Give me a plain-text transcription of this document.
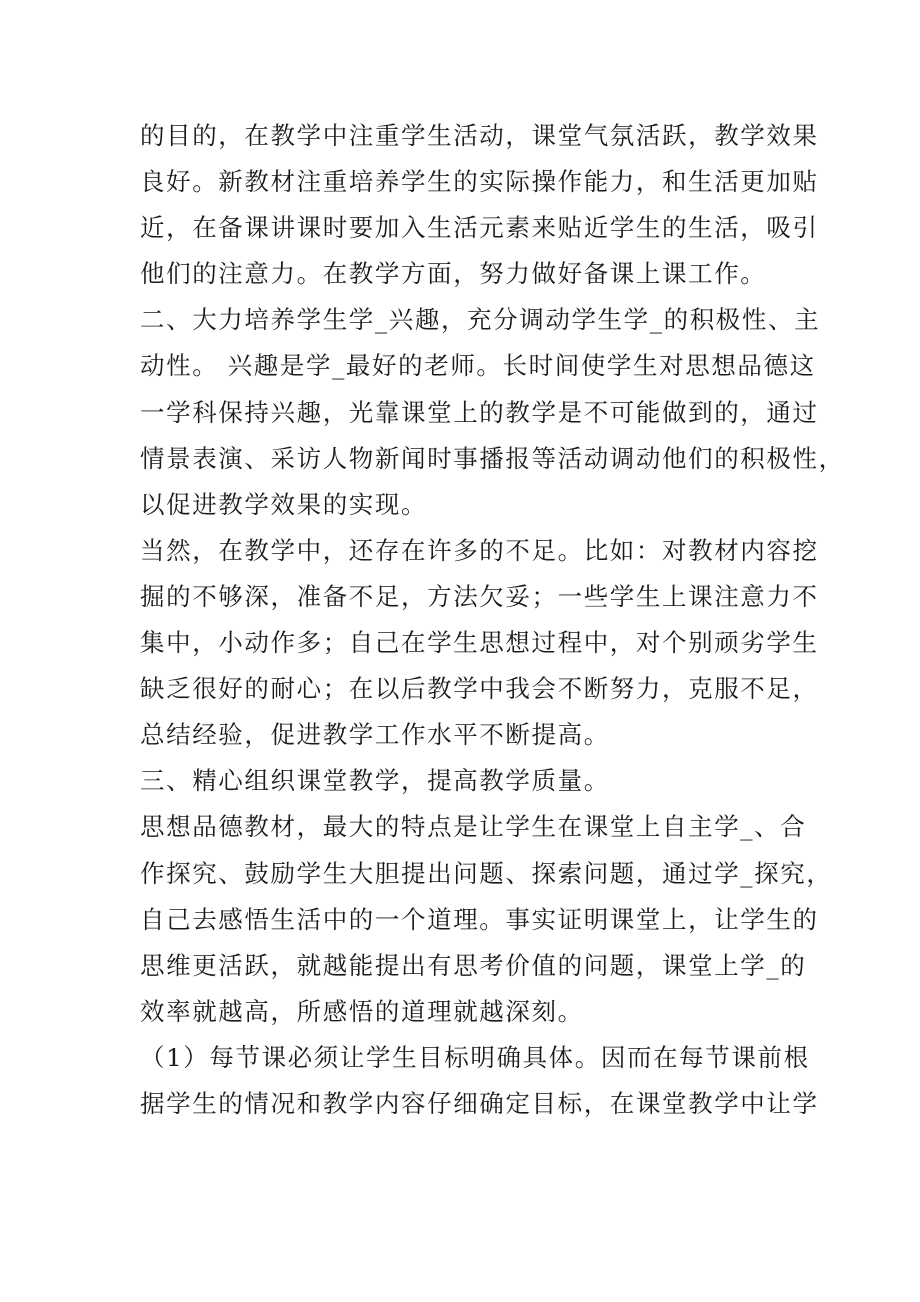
的目的，在教学中注重学生活动，课堂气氛活跃，教学效果
良好。新教材注重培养学生的实际操作能力，和生活更加贴
近，在备课讲课时要加入生活元素来贴近学生的生活，吸引
他们的注意力。在教学方面，努力做好备课上课工作。
二、大力培养学生学_兴趣，充分调动学生学_的积极性、主
动性。 兴趣是学_最好的老师。长时间使学生对思想品德这
一学科保持兴趣，光靠课堂上的教学是不可能做到的，通过
情景表演、采访人物新闻时事播报等活动调动他们的积极性，
以促进教学效果的实现。
当然，在教学中，还存在许多的不足。比如：对教材内容挖
掘的不够深，准备不足，方法欠妥；一些学生上课注意力不
集中，小动作多；自己在学生思想过程中，对个别顽劣学生
缺乏很好的耐心；在以后教学中我会不断努力，克服不足，
总结经验，促进教学工作水平不断提高。
三、精心组织课堂教学，提高教学质量。
思想品德教材，最大的特点是让学生在课堂上自主学_、合
作探究、鼓励学生大胆提出问题、探索问题，通过学_探究，
自己去感悟生活中的一个道理。事实证明课堂上，让学生的
思维更活跃，就越能提出有思考价值的问题，课堂上学_的
效率就越高，所感悟的道理就越深刻。
（1）每节课必须让学生目标明确具体。因而在每节课前根
据学生的情况和教学内容仔细确定目标，在课堂教学中让学
